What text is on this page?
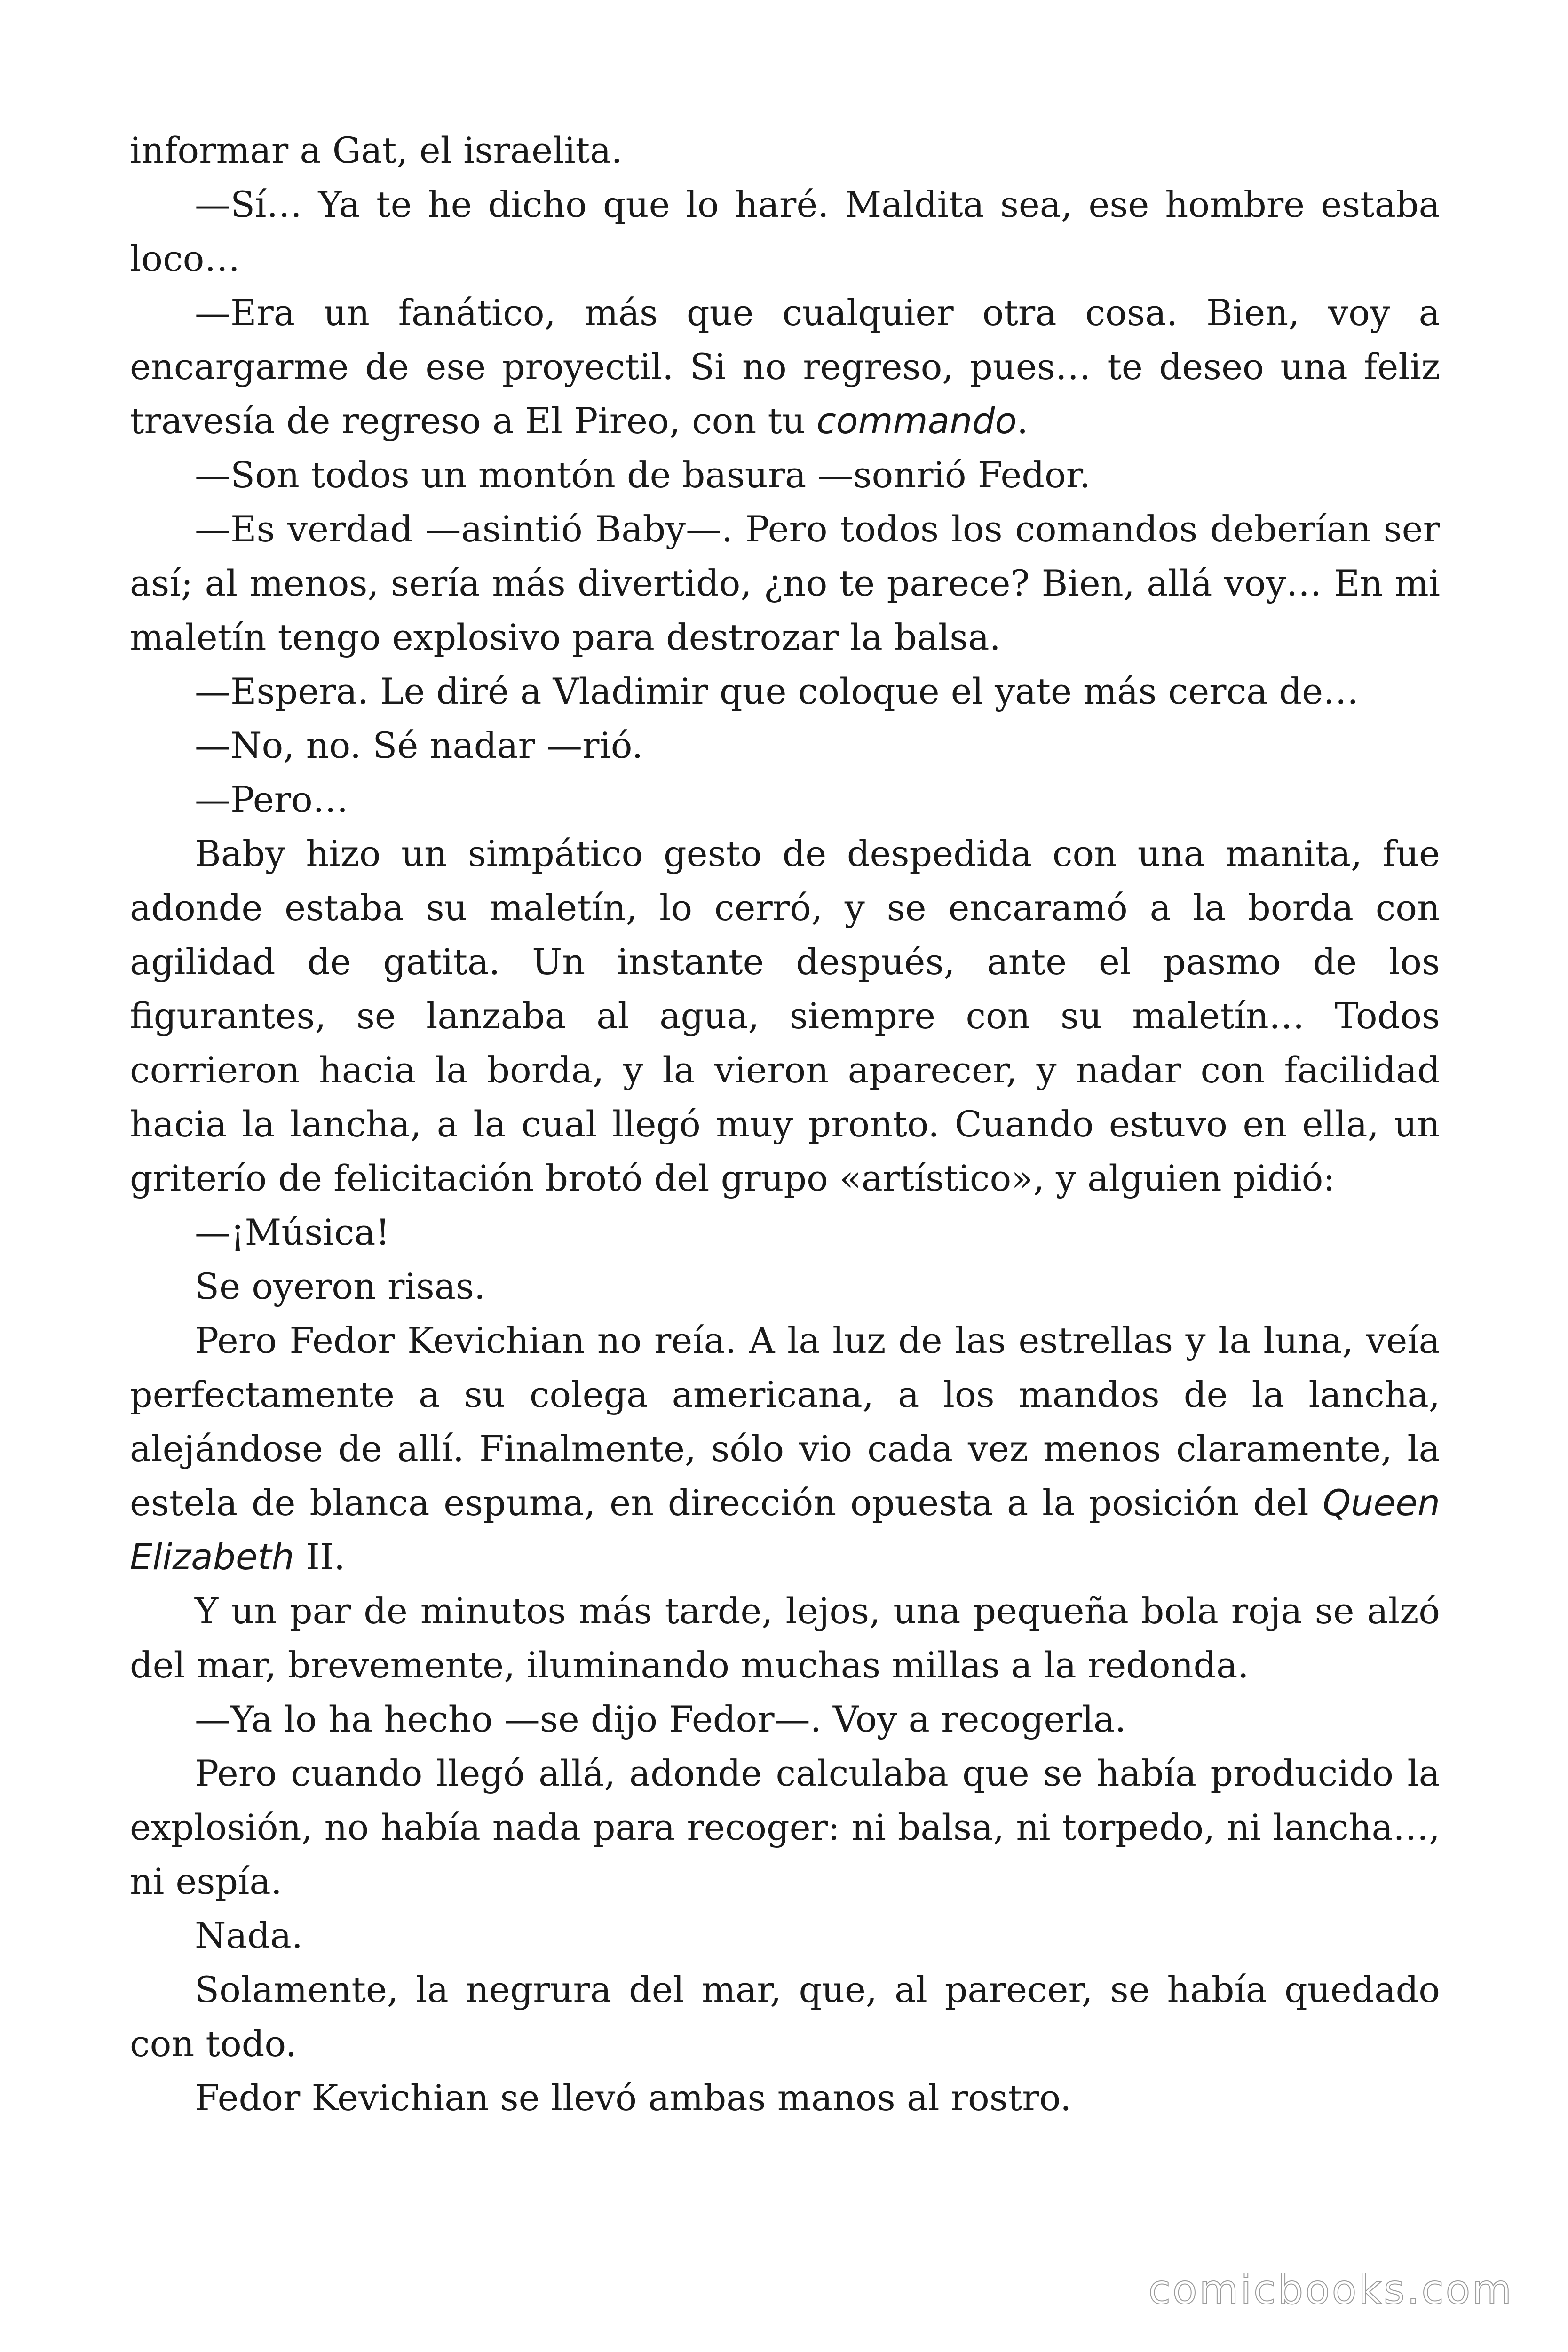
informar a Gat, el israelita.

—Sí… Ya te he dicho que lo haré. Maldita sea, ese hombre estaba loco…

—Era un fanático, más que cualquier otra cosa. Bien, voy a encargarme de ese proyectil. Si no regreso, pues… te deseo una feliz travesía de regreso a El Pireo, con tu commando.

—Son todos un montón de basura —sonrió Fedor.

—Es verdad —asintió Baby—. Pero todos los comandos deberían ser así; al menos, sería más divertido, ¿no te parece? Bien, allá voy… En mi maletín tengo explosivo para destrozar la balsa.

—Espera. Le diré a Vladimir que coloque el yate más cerca de…

—No, no. Sé nadar —rió.

—Pero…

Baby hizo un simpático gesto de despedida con una manita, fue adonde estaba su maletín, lo cerró, y se encaramó a la borda con agilidad de gatita. Un instante después, ante el pasmo de los figurantes, se lanzaba al agua, siempre con su maletín… Todos corrieron hacia la borda, y la vieron aparecer, y nadar con facilidad hacia la lancha, a la cual llegó muy pronto. Cuando estuvo en ella, un griterío de felicitación brotó del grupo «artístico», y alguien pidió:

—¡Música!

Se oyeron risas.

Pero Fedor Kevichian no reía. A la luz de las estrellas y la luna, veía perfectamente a su colega americana, a los mandos de la lancha, alejándose de allí. Finalmente, sólo vio cada vez menos claramente, la estela de blanca espuma, en dirección opuesta a la posición del Queen Elizabeth II.

Y un par de minutos más tarde, lejos, una pequeña bola roja se alzó del mar, brevemente, iluminando muchas millas a la redonda.

—Ya lo ha hecho —se dijo Fedor—. Voy a recogerla.

Pero cuando llegó allá, adonde calculaba que se había producido la explosión, no había nada para recoger: ni balsa, ni torpedo, ni lancha…, ni espía.

Nada.

Solamente, la negrura del mar, que, al parecer, se había quedado con todo.

Fedor Kevichian se llevó ambas manos al rostro.

comicbooks.com
